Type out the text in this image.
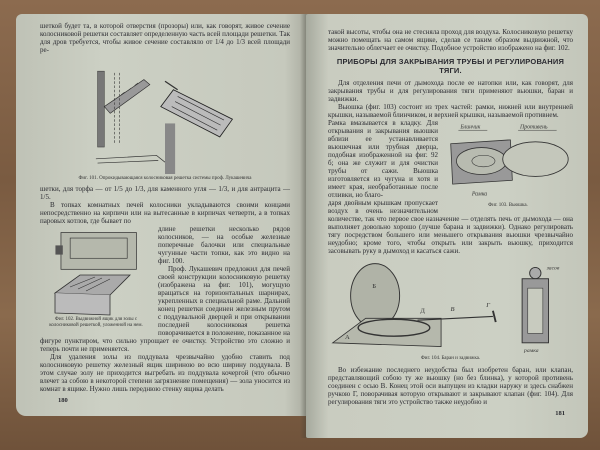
шеткой будет та, в которой отверстия (прозоры) или, как говорят, живое сечение колосниковой решетки составляет определенную часть всей площади решетки. Так для дров требуется, чтобы живое сечение составляло от 1/4 до 1/3 всей площади ре-
Фиг. 101. Опрокидывающаяся колосниковая решетка системы проф. Лукашевича
шетки, для торфа — от 1/5 до 1/3, для каменного угля — 1/3, и для антрацита — 1/5.
В топках комнатных печей колосники укладываются своими концами непосредственно на кирпичи или на вытесанные в кирпичах четверти, а в топках паровых котлов, где бывает по
Фиг. 102. Выдвижной ящик для золы с колосниковой решеткой, уложенной на нем.
длине решетки несколько рядов колосников, — на особые железные поперечные балочки или специальные чугунные части топки, как это видно на фиг. 100.
Проф. Лукашевич предложил для печей своей конструкции колосниковую решетку (изображена на фиг. 101), могущую вращаться на горизонтальных шарнирах, укрепленных в специальной раме. Дальний конец решетки соединен железным прутом с поддувальной дверцей и при открывании последней колосниковая решетка поворачивается в положение, показанное на фигуре пунктиром, что сильно упрощает ее очистку. Устройство это сложно и теперь почти не применяется.
Для удаления золы из поддувала чрезвычайно удобно ставить под колосниковую решетку железный ящик шириною во всю ширину поддувала. В этом случае золу не приходится выгребать из поддувала кочергой (что обычно влечет за собою в некоторой степени загрязнение помещения) — зола уносится из комнат в ящике. Нужно лишь переднюю стенку ящика делать
180
такой высоты, чтобы она не стесняла проход для воздуха. Колосниковую решетку можно помещать на самом ящике, сделав се таким образом выдвижной, что значительно облегчает ее очистку. Подобное устройство изображено на фиг. 102.
ПРИБОРЫ ДЛЯ ЗАКРЫВАНИЯ ТРУБЫ И РЕГУЛИРОВАНИЯ ТЯГИ.
Для отделения печи от дымохода после ее натопки или, как говорят, для закрывания трубы и для регулирования тяги применяют вьюшки, баран и задвижки.
Вьюшка (фиг. 103) состоит из трех частей: рамки, нижней или внутренней крышки, называемой блинчиком, и верхней крышки, называемой противнем.
Блинчик	Противень
Рамка
Фиг. 103. Вьюшка.
Рамка вмазывается в кладку. Для открывания и закрывания вьюшки вблизи ее устанавливается вьюшечная или трубная дверца, подобная изображенной на фиг. 92 б; она же служит и для очистки трубы от сажи. Вьюшка изготовляется из чугуна и хотя и имеет края, необработанные после отливки, но благо-
даря двойным крышкам пропускает воздух в очень незначительном количестве, так что первое свое назначение — отделять печь от дымохода — она выполняет довольно хорошо (лучше барана и задвижки). Однако регулировать тягу посредством большего или меньшего открывания вьюшки чрезвычайно неудобно; кроме того, чтобы открыть или закрыть вьюшку, приходится засовывать руку в дымоход и касаться сажи.
Б
А
Д	В
Г
засов
рамка
Фиг. 104. Баран и задвижка.
Во избежание последнего неудобства был изобретен баран, или клапан, представляющий собою ту же вьюшку (но без блинка), у которой противень соединен с осью В. Конец этой оси выпущен из кладки наружу и здесь снабжен ручкою Г, поворачивая которую открывают и закрывают клапан (фиг. 104). Для регулирования тяги это устройство также неудобно и
181
